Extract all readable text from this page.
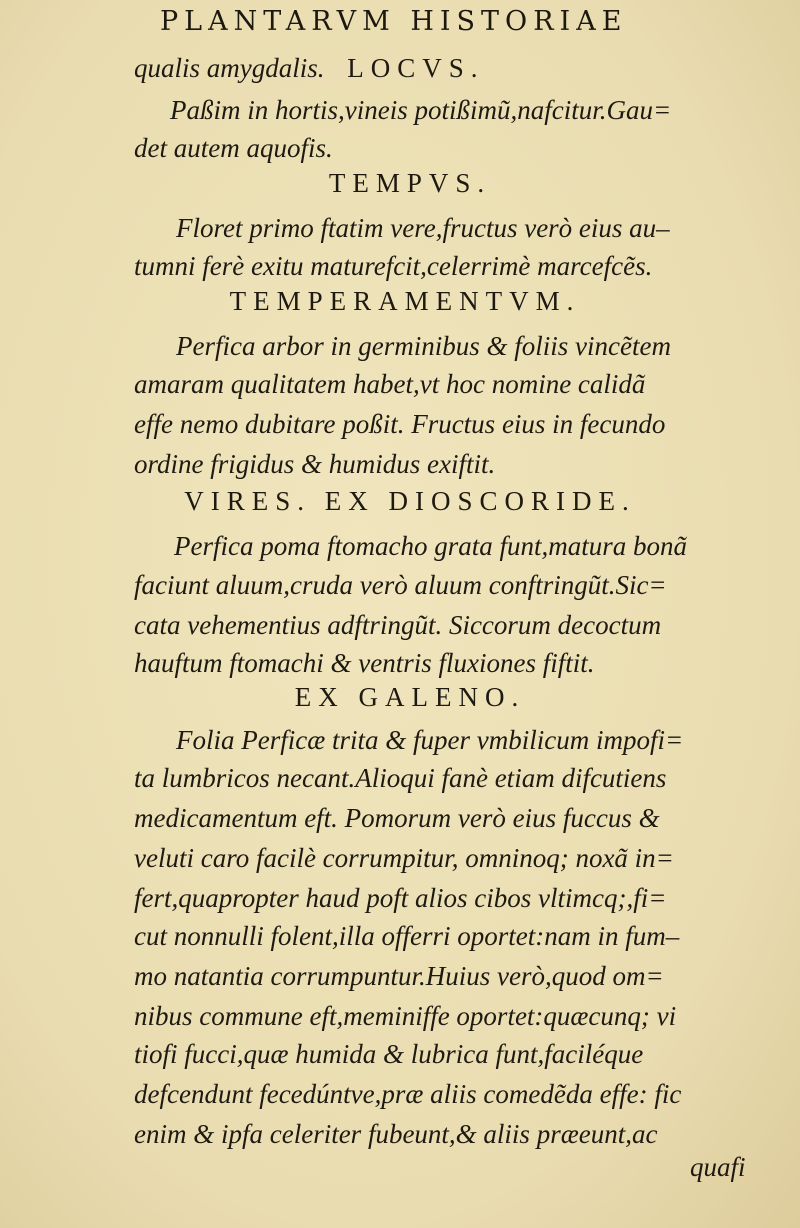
PLANTARVM HISTORIAE
qualis amygdalis. LOCVS.
Paßim in hortis,vineis potißimũ,nafcitur.Gau=
det autem aquofis.
TEMPVS.
Floret primo ftatim vere,fructus verò eius au–
tumni ferè exitu maturefcit,celerrimè marcefcẽs.
TEMPERAMENTVM.
Perfica arbor in germinibus & foliis vincẽtem
amaram qualitatem habet,vt hoc nomine calidã
effe nemo dubitare poßit. Fructus eius in fecundo
ordine frigidus & humidus exiftit.
VIRES. EX DIOSCORIDE.
Perfica poma ftomacho grata funt,matura bonã
faciunt aluum,cruda verò aluum conftringũt.Sic=
cata vehementius adftringũt. Siccorum decoctum
hauftum ftomachi & ventris fluxiones fiftit.
EX GALENO.
Folia Perficæ trita & fuper vmbilicum impofi=
ta lumbricos necant.Alioqui fanè etiam difcutiens
medicamentum eft. Pomorum verò eius fuccus &
veluti caro facilè corrumpitur, omninoq; noxã in=
fert,quapropter haud poft alios cibos vltimcq;,fi=
cut nonnulli folent,illa offerri oportet:nam in fum–
mo natantia corrumpuntur.Huius verò,quod om=
nibus commune eft,meminiffe oportet:quæcunq; vi
tiofi fucci,quæ humida & lubrica funt,faciléque
defcendunt fecedúntve,præ aliis comedẽda effe: fic
enim & ipfa celeriter fubeunt,& aliis præeunt,ac
quafi
